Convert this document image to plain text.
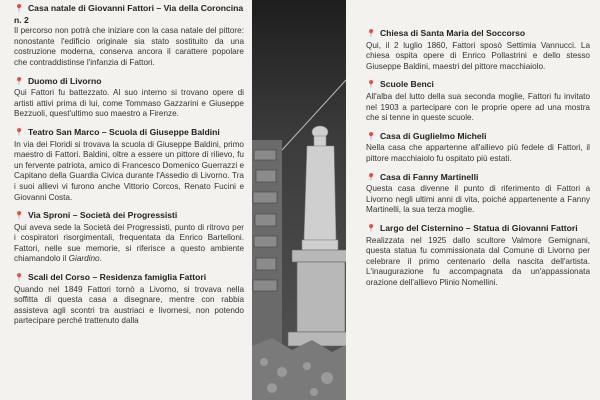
📍 Casa natale di Giovanni Fattori – Via della Coroncina n. 2

Il percorso non potrà che iniziare con la casa natale del pittore: nonostante l'edificio originale sia stato sostituito da una costruzione moderna, conserva ancora il carattere popolare che contraddistinse l'infanzia di Fattori.

📍 Duomo di Livorno

Qui Fattori fu battezzato. Al suo interno si trovano opere di artisti attivi prima di lui, come Tommaso Gazzarini e Giuseppe Bezzuoli, quest'ultimo suo maestro a Firenze.

📍 Teatro San Marco – Scuola di Giuseppe Baldini

In via dei Floridi si trovava la scuola di Giuseppe Baldini, primo maestro di Fattori. Baldini, oltre a essere un pittore di rilievo, fu un fervente patriota, amico di Francesco Domenico Guerrazzi e Capitano della Guardia Civica durante l'Assedio di Livorno. Tra i suoi allievi vi furono anche Vittorio Corcos, Renato Fucini e Giovanni Costa.

📍 Via Sproni – Società dei Progressisti

Qui aveva sede la Società dei Progressisti, punto di ritrovo per i cospiratori risorgimentali, frequentata da Enrico Bartelloni. Fattori, nelle sue memorie, si riferisce a questo ambiente chiamandolo il Giardino.

📍 Scali del Corso – Residenza famiglia Fattori

Quando nel 1849 Fattori tornò a Livorno, si trovava nella soffitta di questa casa a disegnare, mentre con rabbia assisteva agli scontri tra austriaci e livornesi, non potendo partecipare perché trattenuto dalla

📍 Chiesa di Santa Maria del Soccorso

Qui, il 2 luglio 1860, Fattori sposò Settimia Vannucci. La chiesa ospita opere di Enrico Pollastrini e dello stesso Giuseppe Baldini, maestri del pittore macchiaiolo.

📍 Scuole Benci

All'alba del lutto della sua seconda moglie, Fattori fu invitato nel 1903 a partecipare con le proprie opere ad una mostra che si tenne in queste scuole.

📍 Casa di Guglielmo Micheli

Nella casa che appartenne all'allievo più fedele di Fattori, il pittore macchiaiolo fu ospitato più estati.

📍 Casa di Fanny Martinelli

Questa casa divenne il punto di riferimento di Fattori a Livorno negli ultimi anni di vita, poiché appartenente a Fanny Martinelli, la sua terza moglie.

📍 Largo del Cisternino – Statua di Giovanni Fattori

Realizzata nel 1925 dallo scultore Valmore Gemignani, questa statua fu commissionata dal Comune di Livorno per celebrare il primo centenario della nascita dell'artista. L'inaugurazione fu accompagnata da un'appassionata orazione dell'allievo Plinio Nomellini.
